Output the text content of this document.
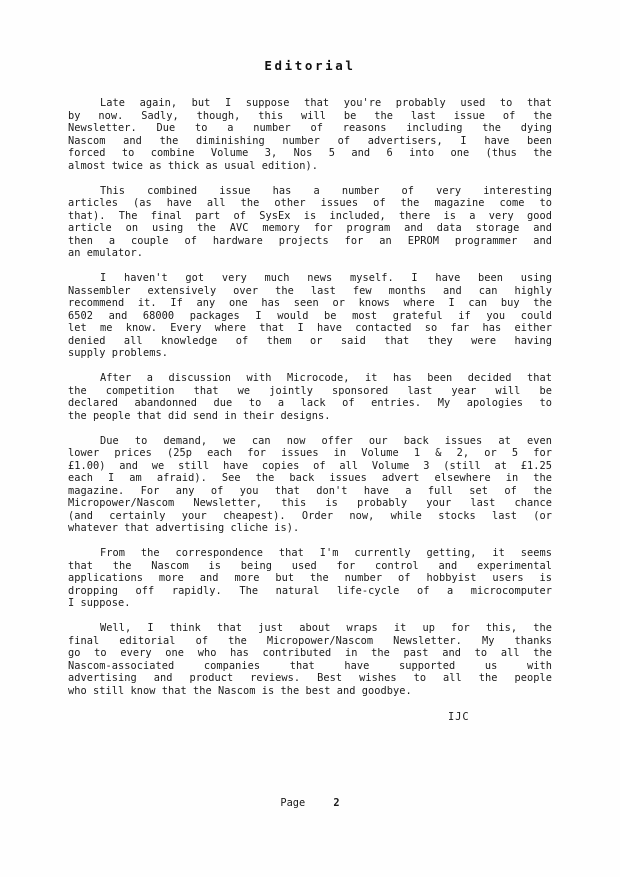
Editorial
Late again, but I suppose that you're probably used to that
by now. Sadly, though, this will be the last issue of the
Newsletter. Due to a number of reasons including the dying
Nascom and the diminishing number of advertisers, I have been
forced to combine Volume 3, Nos 5 and 6 into one (thus the
almost twice as thick as usual edition).
This combined issue has a number of very interesting
articles (as have all the other issues of the magazine come to
that). The final part of SysEx is included, there is a very good
article on using the AVC memory for program and data storage and
then a couple of hardware projects for an EPROM programmer and
an emulator.
I haven't got very much news myself. I have been using
Nassembler extensively over the last few months and can highly
recommend it. If any one has seen or knows where I can buy the
6502 and 68000 packages I would be most grateful if you could
let me know. Every where that I have contacted so far has either
denied all knowledge of them or said that they were having
supply problems.
After a discussion with Microcode, it has been decided that
the competition that we jointly sponsored last year will be
declared abandonned due to a lack of entries. My apologies to
the people that did send in their designs.
Due to demand, we can now offer our back issues at even
lower prices (25p each for issues in Volume 1 & 2, or 5 for
£1.00) and we still have copies of all Volume 3 (still at £1.25
each I am afraid). See the back issues advert elsewhere in the
magazine. For any of you that don't have a full set of the
Micropower/Nascom Newsletter, this is probably your last chance
(and certainly your cheapest). Order now, while stocks last (or
whatever that advertising cliche is).
From the correspondence that I'm currently getting, it seems
that the Nascom is being used for control and experimental
applications more and more but the number of hobbyist users is
dropping off rapidly. The natural life-cycle of a microcomputer
I suppose.
Well, I think that just about wraps it up for this, the
final editorial of the Micropower/Nascom Newsletter. My thanks
go to every one who has contributed in the past and to all the
Nascom-associated companies that have supported us with
advertising and product reviews. Best wishes to all the people
who still know that the Nascom is the best and goodbye.
IJC
Page	2
